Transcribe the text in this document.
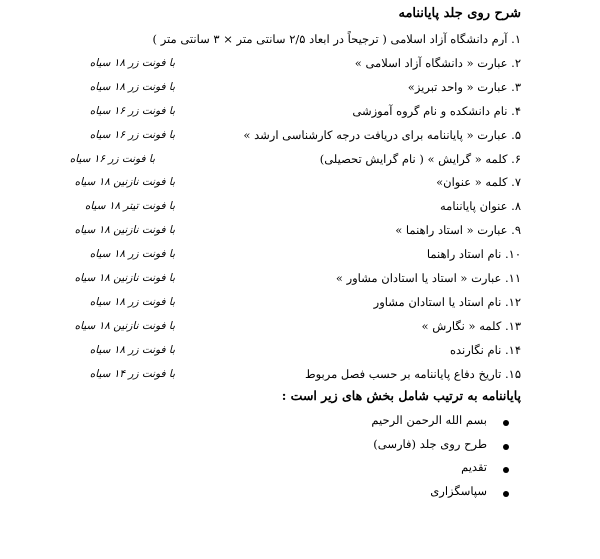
شرح روی جلد پایاننامه
۱. آرم دانشگاه آزاد اسلامی ( ترجیحاً در ابعاد ۲/۵ سانتی متر × ۳ سانتی متر )
۲. عبارت « دانشگاه آزاد اسلامی »
با فونت زر ۱۸ سیاه
۳. عبارت « واحد تبریز»
با فونت زر ۱۸ سیاه
۴. نام دانشکده و نام گروه آموزشی
با فونت زر ۱۶ سیاه
۵. عبارت « پایاننامه برای دریافت درجه کارشناسی ارشد »
با فونت زر ۱۶ سیاه
۶. کلمه « گرایش » ( نام گرایش تحصیلی)
با فونت زر ۱۶ سیاه
۷. کلمه « عنوان»
با فونت نازنین ۱۸ سیاه
۸. عنوان پایاننامه
با فونت تیتر ۱۸ سیاه
۹. عبارت « استاد راهنما »
با فونت نازنین ۱۸ سیاه
۱۰. نام استاد راهنما
با فونت زر ۱۸ سیاه
۱۱. عبارت « استاد یا استادان مشاور »
با فونت نازنین ۱۸ سیاه
۱۲. نام استاد یا استادان مشاور
با فونت زر ۱۸ سیاه
۱۳. کلمه « نگارش »
با فونت نازنین ۱۸ سیاه
۱۴. نام نگارنده
با فونت زر ۱۸ سیاه
۱۵. تاریخ دفاع پایاننامه بر حسب فصل مربوط
با فونت زر ۱۴ سیاه
پایاننامه به ترتیب شامل بخش های زیر است :
بسم الله الرحمن الرحیم
طرح روی جلد (فارسی)
تقدیم
سپاسگزاری
